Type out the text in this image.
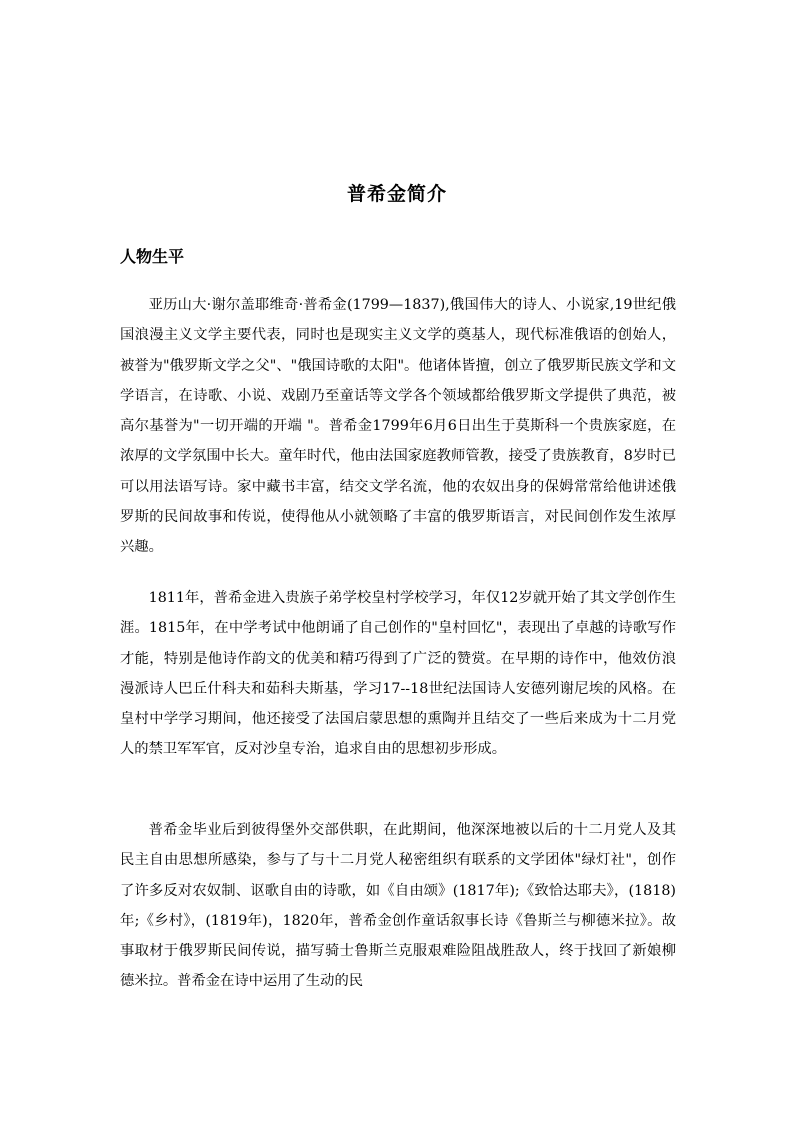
普希金简介
人物生平

亚历山大·谢尔盖耶维奇·普希金(1799—1837),俄国伟大的诗人、小说家,19世纪俄国浪漫主义文学主要代表，同时也是现实主义文学的奠基人，现代标准俄语的创始人，被誉为"俄罗斯文学之父"、"俄国诗歌的太阳"。他诸体皆擅，创立了俄罗斯民族文学和文学语言，在诗歌、小说、戏剧乃至童话等文学各个领域都给俄罗斯文学提供了典范，被高尔基誉为"一切开端的开端 "。普希金1799年6月6日出生于莫斯科一个贵族家庭，在浓厚的文学氛围中长大。童年时代，他由法国家庭教师管教，接受了贵族教育，8岁时已可以用法语写诗。家中藏书丰富，结交文学名流，他的农奴出身的保姆常常给他讲述俄罗斯的民间故事和传说，使得他从小就领略了丰富的俄罗斯语言，对民间创作发生浓厚兴趣。

1811年，普希金进入贵族子弟学校皇村学校学习，年仅12岁就开始了其文学创作生涯。1815年，在中学考试中他朗诵了自己创作的"皇村回忆"，表现出了卓越的诗歌写作才能，特别是他诗作韵文的优美和精巧得到了广泛的赞赏。在早期的诗作中，他效仿浪漫派诗人巴丘什科夫和茹科夫斯基，学习17--18世纪法国诗人安德列谢尼埃的风格。在皇村中学学习期间，他还接受了法国启蒙思想的熏陶并且结交了一些后来成为十二月党人的禁卫军军官，反对沙皇专治，追求自由的思想初步形成。

普希金毕业后到彼得堡外交部供职，在此期间，他深深地被以后的十二月党人及其民主自由思想所感染，参与了与十二月党人秘密组织有联系的文学团体"绿灯社"，创作了许多反对农奴制、讴歌自由的诗歌，如《自由颂》(1817年);《致恰达耶夫》，(1818)年;《乡村》，(1819年)，1820年，普希金创作童话叙事长诗《鲁斯兰与柳德米拉》。故事取材于俄罗斯民间传说，描写骑士鲁斯兰克服艰难险阻战胜敌人，终于找回了新娘柳德米拉。普希金在诗中运用了生动的民
